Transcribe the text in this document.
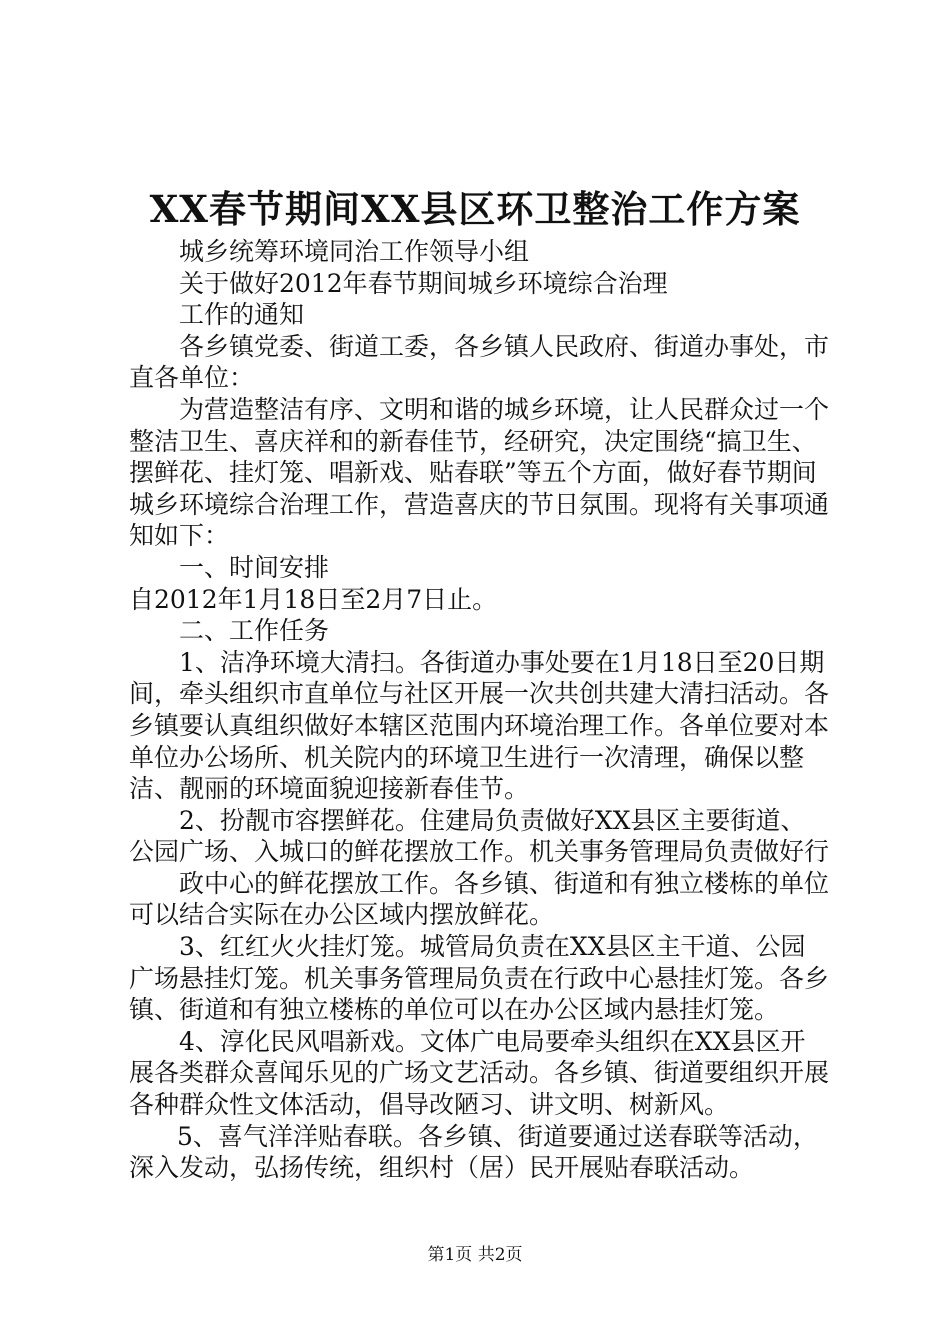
XX春节期间XX县区环卫整治工作方案

城乡统筹环境同治工作领导小组

关于做好2012年春节期间城乡环境综合治理

工作的通知

各乡镇党委、街道工委，各乡镇人民政府、街道办事处，市直各单位：

为营造整洁有序、文明和谐的城乡环境，让人民群众过一个整洁卫生、喜庆祥和的新春佳节，经研究，决定围绕“搞卫生、摆鲜花、挂灯笼、唱新戏、贴春联”等五个方面，做好春节期间城乡环境综合治理工作，营造喜庆的节日氛围。现将有关事项通知如下：

一、时间安排

自2012年1月18日至2月7日止。

二、工作任务

1、洁净环境大清扫。各街道办事处要在1月18日至20日期间，牵头组织市直单位与社区开展一次共创共建大清扫活动。各乡镇要认真组织做好本辖区范围内环境治理工作。各单位要对本单位办公场所、机关院内的环境卫生进行一次清理，确保以整洁、靓丽的环境面貌迎接新春佳节。

2、扮靓市容摆鲜花。住建局负责做好XX县区主要街道、公园广场、入城口的鲜花摆放工作。机关事务管理局负责做好行

政中心的鲜花摆放工作。各乡镇、街道和有独立楼栋的单位可以结合实际在办公区域内摆放鲜花。

3、红红火火挂灯笼。城管局负责在XX县区主干道、公园广场悬挂灯笼。机关事务管理局负责在行政中心悬挂灯笼。各乡镇、街道和有独立楼栋的单位可以在办公区域内悬挂灯笼。

4、淳化民风唱新戏。文体广电局要牵头组织在XX县区开展各类群众喜闻乐见的广场文艺活动。各乡镇、街道要组织开展各种群众性文体活动，倡导改陋习、讲文明、树新风。

5、喜气洋洋贴春联。各乡镇、街道要通过送春联等活动，深入发动，弘扬传统，组织村（居）民开展贴春联活动。

第1页 共2页
